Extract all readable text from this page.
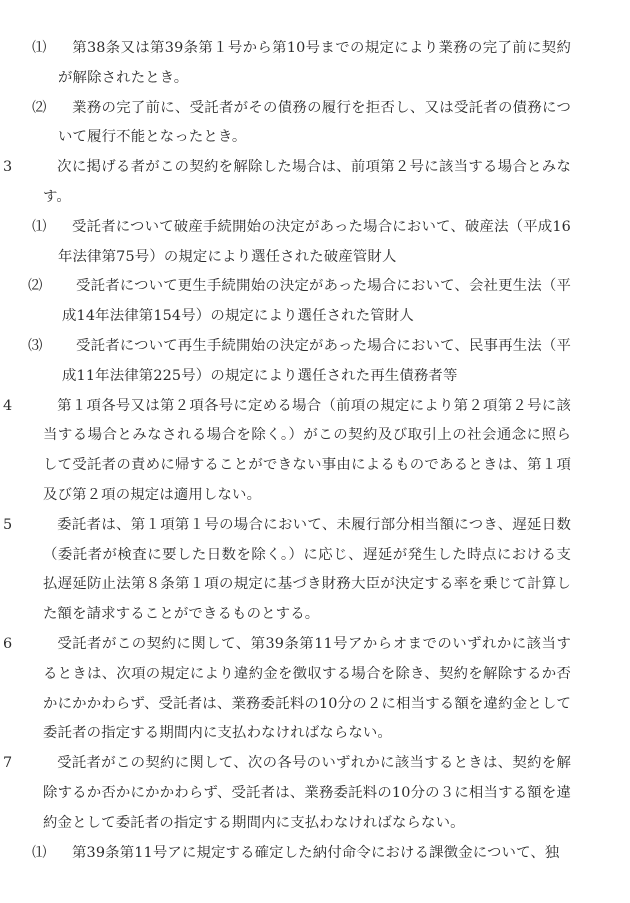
⑴ 第38条又は第39条第１号から第10号までの規定により業務の完了前に契約が解除されたとき。

⑵ 業務の完了前に、受託者がその債務の履行を拒否し、又は受託者の債務について履行不能となったとき。

3	次に掲げる者がこの契約を解除した場合は、前項第２号に該当する場合とみなす。

⑴ 受託者について破産手続開始の決定があった場合において、破産法（平成16年法律第75号）の規定により選任された破産管財人

⑵ 受託者について更生手続開始の決定があった場合において、会社更生法（平成14年法律第154号）の規定により選任された管財人

⑶ 受託者について再生手続開始の決定があった場合において、民事再生法（平成11年法律第225号）の規定により選任された再生債務者等

4	第１項各号又は第２項各号に定める場合（前項の規定により第２項第２号に該当する場合とみなされる場合を除く。）がこの契約及び取引上の社会通念に照らして受託者の責めに帰することができない事由によるものであるときは、第１項及び第２項の規定は適用しない。

5	委託者は、第１項第１号の場合において、未履行部分相当額につき、遅延日数（委託者が検査に要した日数を除く。）に応じ、遅延が発生した時点における支払遅延防止法第８条第１項の規定に基づき財務大臣が決定する率を乗じて計算した額を請求することができるものとする。

6	受託者がこの契約に関して、第39条第11号アからオまでのいずれかに該当するときは、次項の規定により違約金を徴収する場合を除き、契約を解除するか否かにかかわらず、受託者は、業務委託料の10分の２に相当する額を違約金として委託者の指定する期間内に支払わなければならない。

7	受託者がこの契約に関して、次の各号のいずれかに該当するときは、契約を解除するか否かにかかわらず、受託者は、業務委託料の10分の３に相当する額を違約金として委託者の指定する期間内に支払わなければならない。

⑴ 第39条第11号アに規定する確定した納付命令における課徴金について、独
